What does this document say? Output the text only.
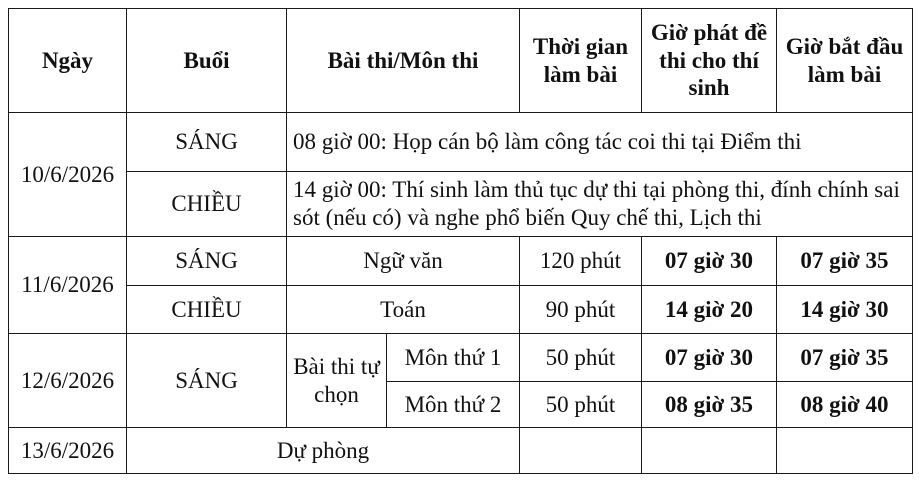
Ngày	Buổi	Bài thi/Môn thi		Thời gian làm bài	Giờ phát đề thi cho thí sinh	Giờ bắt đầu làm bài
10/6/2026	SÁNG	08 giờ 00: Họp cán bộ làm công tác coi thi tại Điểm thi				
	CHIỀU	14 giờ 00: Thí sinh làm thủ tục dự thi tại phòng thi, đính chính sai sót (nếu có) và nghe phổ biến Quy chế thi, Lịch thi				
11/6/2026	SÁNG	Ngữ văn		120 phút	07 giờ 30	07 giờ 35
	CHIỀU	Toán		90 phút	14 giờ 20	14 giờ 30
12/6/2026	SÁNG	Bài thi tự chọn	Môn thứ 1	50 phút	07 giờ 30	07 giờ 35
			Môn thứ 2	50 phút	08 giờ 35	08 giờ 40
13/6/2026	Dự phòng					
